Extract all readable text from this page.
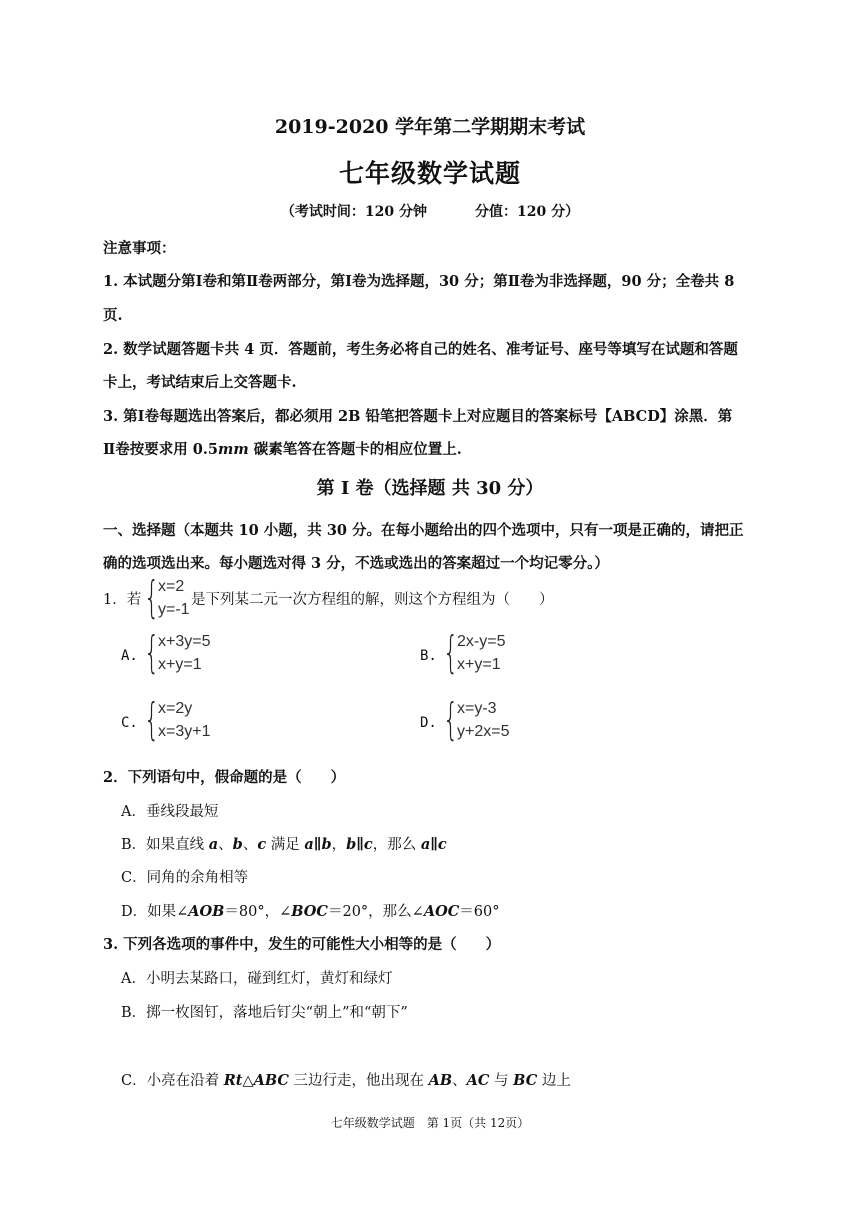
2019-2020 学年第二学期期末考试
七年级数学试题
（考试时间：120 分钟	分值：120 分）
注意事项：
1. 本试题分第Ⅰ卷和第Ⅱ卷两部分，第Ⅰ卷为选择题，30 分；第Ⅱ卷为非选择题，90 分；全卷共 8
页.
2. 数学试题答题卡共 4 页．答题前，考生务必将自己的姓名、准考证号、座号等填写在试题和答题
卡上，考试结束后上交答题卡.
3. 第Ⅰ卷每题选出答案后，都必须用 2B 铅笔把答题卡上对应题目的答案标号【ABCD】涂黑．第
Ⅱ卷按要求用 0.5mm 碳素笔答在答题卡的相应位置上.
第 I 卷（选择题 共 30 分）
一、选择题（本题共 10 小题，共 30 分。在每小题给出的四个选项中，只有一项是正确的，请把正
确的选项选出来。每小题选对得 3 分，不选或选出的答案超过一个均记零分。）
1．若 {
x=2
y=-1
是下列某二元一次方程组的解，则这个方程组为（　　）
A. {
x+3y=5
x+y=1	B. {
2x-y=5
x+y=1
C. {
x=2y
x=3y+1	D. {
x=y-3
y+2x=5
2．下列语句中，假命题的是（　　）
A．垂线段最短
B．如果直线 a、b、c 满足 a∥b，b∥c，那么 a∥c
C．同角的余角相等
D．如果∠AOB＝80°，∠BOC＝20°，那么∠AOC＝60°
3. 下列各选项的事件中，发生的可能性大小相等的是（　　）
A．小明去某路口，碰到红灯，黄灯和绿灯
B．掷一枚图钉，落地后钉尖“朝上”和“朝下”
C．小亮在沿着 Rt△ABC 三边行走，他出现在 AB、AC 与 BC 边上
七年级数学试题　第 1页（共 12页）
